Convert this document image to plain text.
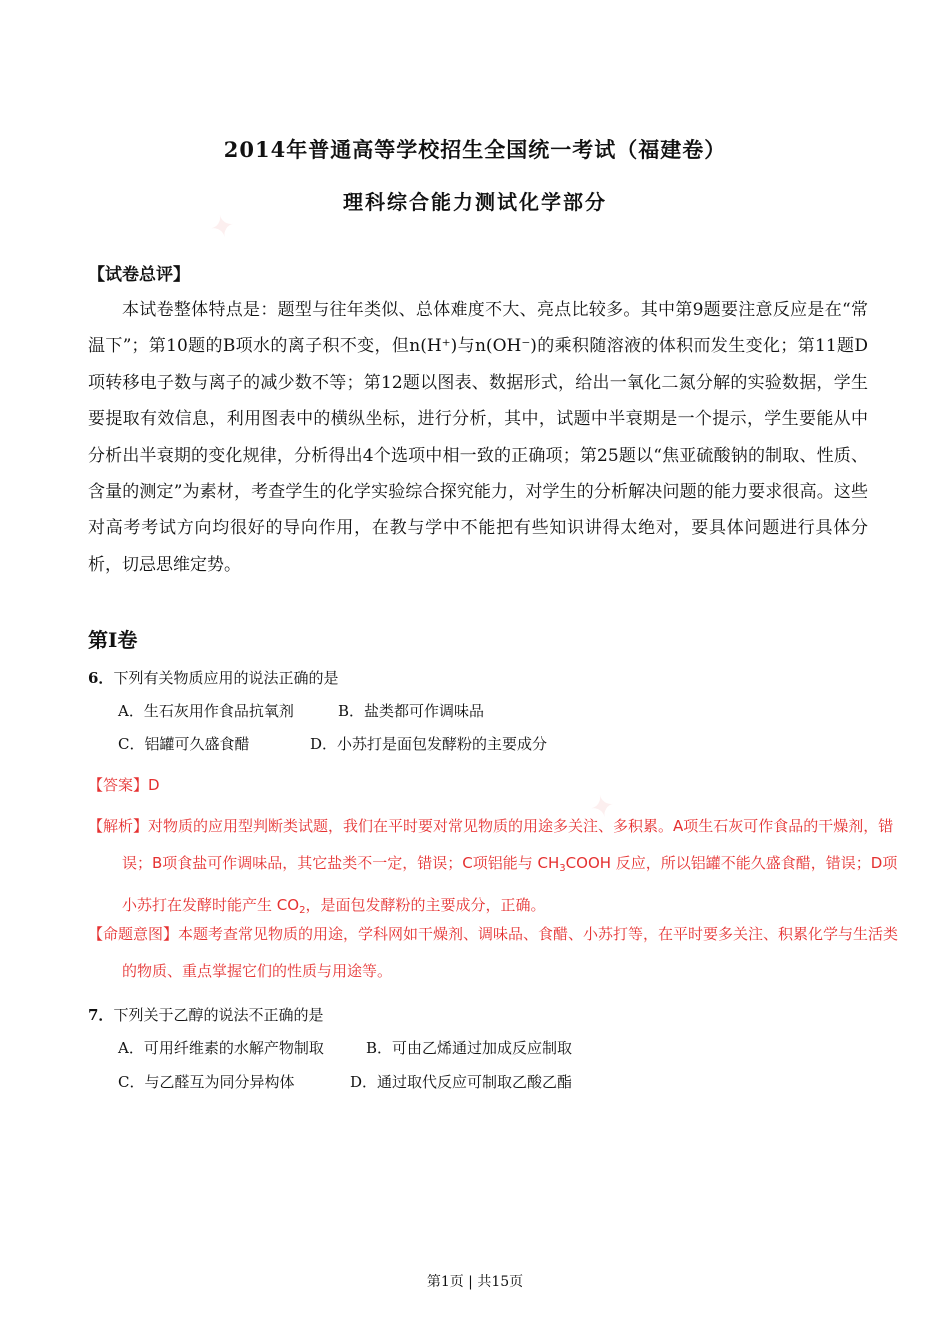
✦
✦
2014年普通高等学校招生全国统一考试（福建卷）
理科综合能力测试化学部分
【试卷总评】

本试卷整体特点是：题型与往年类似、总体难度不大、亮点比较多。其中第9题要注意反应是在“常温下”；第10题的B项水的离子积不变，但n(H⁺)与n(OH⁻)的乘积随溶液的体积而发生变化；第11题D项转移电子数与离子的减少数不等；第12题以图表、数据形式，给出一氧化二氮分解的实验数据，学生要提取有效信息，利用图表中的横纵坐标，进行分析，其中，试题中半衰期是一个提示，学生要能从中分析出半衰期的变化规律，分析得出4个选项中相一致的正确项；第25题以“焦亚硫酸钠的制取、性质、含量的测定”为素材，考查学生的化学实验综合探究能力，对学生的分析解决问题的能力要求很高。这些对高考考试方向均很好的导向作用，在教与学中不能把有些知识讲得太绝对，要具体问题进行具体分析，切忌思维定势。

第I卷
6．下列有关物质应用的说法正确的是
A．生石灰用作食品抗氧剂	B．盐类都可作调味品
C．铝罐可久盛食醋	D．小苏打是面包发酵粉的主要成分
【答案】D
【解析】对物质的应用型判断类试题，我们在平时要对常见物质的用途多关注、多积累。A项生石灰可作食品的干燥剂，错误；B项食盐可作调味品，其它盐类不一定，错误；C项铝能与 $CH_3COOH$ 反应，所以铝罐不能久盛食醋，错误；D项小苏打在发酵时能产生 $CO_2$，是面包发酵粉的主要成分，正确。
【命题意图】本题考查常见物质的用途，学科网如干燥剂、调味品、食醋、小苏打等，在平时要多关注、积累化学与生活类的物质、重点掌握它们的性质与用途等。
7．下列关于乙醇的说法不正确的是
A．可用纤维素的水解产物制取	B．可由乙烯通过加成反应制取
C．与乙醛互为同分异构体	D．通过取代反应可制取乙酸乙酯
第1页 | 共15页
